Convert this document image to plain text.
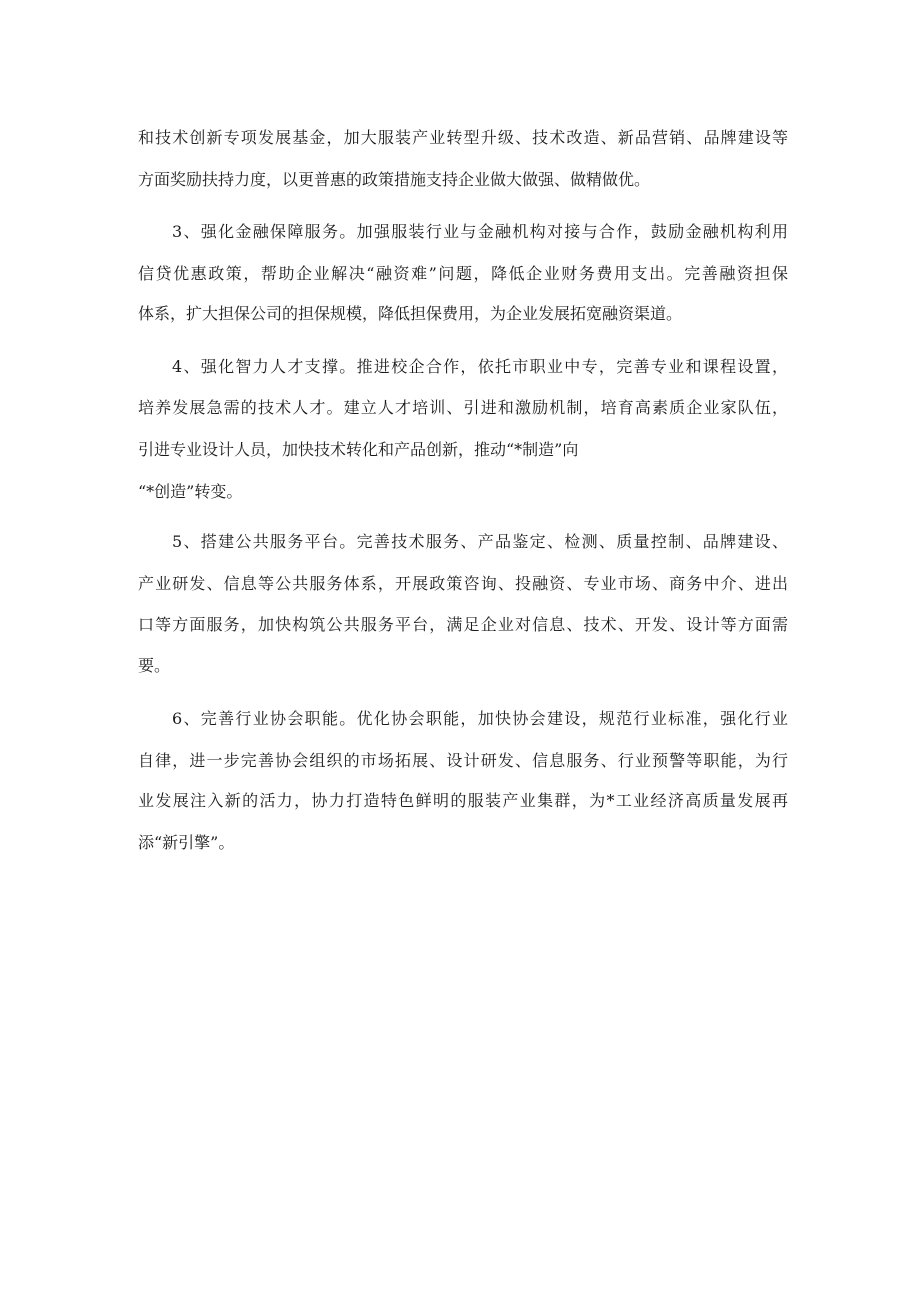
和技术创新专项发展基金，加大服装产业转型升级、技术改造、新品营销、品牌建设等
方面奖励扶持力度，以更普惠的政策措施支持企业做大做强、做精做优。
3、强化金融保障服务。加强服装行业与金融机构对接与合作，鼓励金融机构利用
信贷优惠政策，帮助企业解决“融资难”问题，降低企业财务费用支出。完善融资担保
体系，扩大担保公司的担保规模，降低担保费用，为企业发展拓宽融资渠道。
4、强化智力人才支撑。推进校企合作，依托市职业中专，完善专业和课程设置，
培养发展急需的技术人才。建立人才培训、引进和激励机制，培育高素质企业家队伍，
引进专业设计人员，加快技术转化和产品创新，推动“*制造”向
“*创造”转变。
5、搭建公共服务平台。完善技术服务、产品鉴定、检测、质量控制、品牌建设、
产业研发、信息等公共服务体系，开展政策咨询、投融资、专业市场、商务中介、进出
口等方面服务，加快构筑公共服务平台，满足企业对信息、技术、开发、设计等方面需
要。
6、完善行业协会职能。优化协会职能，加快协会建设，规范行业标准，强化行业
自律，进一步完善协会组织的市场拓展、设计研发、信息服务、行业预警等职能，为行
业发展注入新的活力，协力打造特色鲜明的服装产业集群，为*工业经济高质量发展再
添“新引擎”。
